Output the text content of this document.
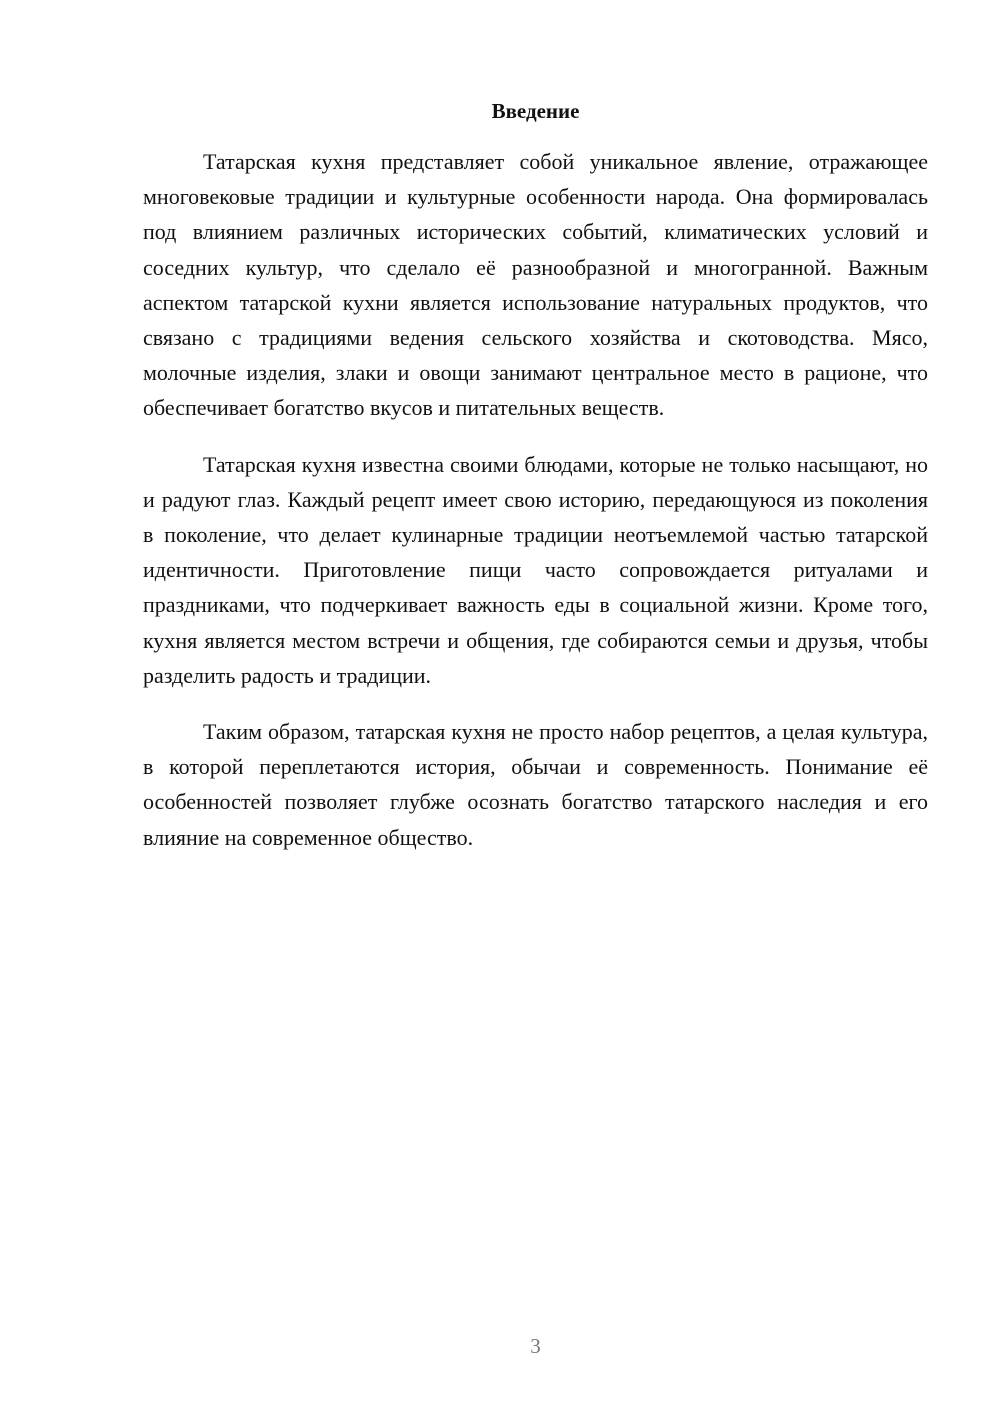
Введение

Татарская кухня представляет собой уникальное явление, отражающее многовековые традиции и культурные особенности народа. Она формировалась под влиянием различных исторических событий, климатических условий и соседних культур, что сделало её разнообразной и многогранной. Важным аспектом татарской кухни является использование натуральных продуктов, что связано с традициями ведения сельского хозяйства и скотоводства. Мясо, молочные изделия, злаки и овощи занимают центральное место в рационе, что обеспечивает богатство вкусов и питательных веществ.

Татарская кухня известна своими блюдами, которые не только насыщают, но и радуют глаз. Каждый рецепт имеет свою историю, передающуюся из поколения в поколение, что делает кулинарные традиции неотъемлемой частью татарской идентичности. Приготовление пищи часто сопровождается ритуалами и праздниками, что подчеркивает важность еды в социальной жизни. Кроме того, кухня является местом встречи и общения, где собираются семьи и друзья, чтобы разделить радость и традиции.

Таким образом, татарская кухня не просто набор рецептов, а целая культура, в которой переплетаются история, обычаи и современность. Понимание её особенностей позволяет глубже осознать богатство татарского наследия и его влияние на современное общество.

3
